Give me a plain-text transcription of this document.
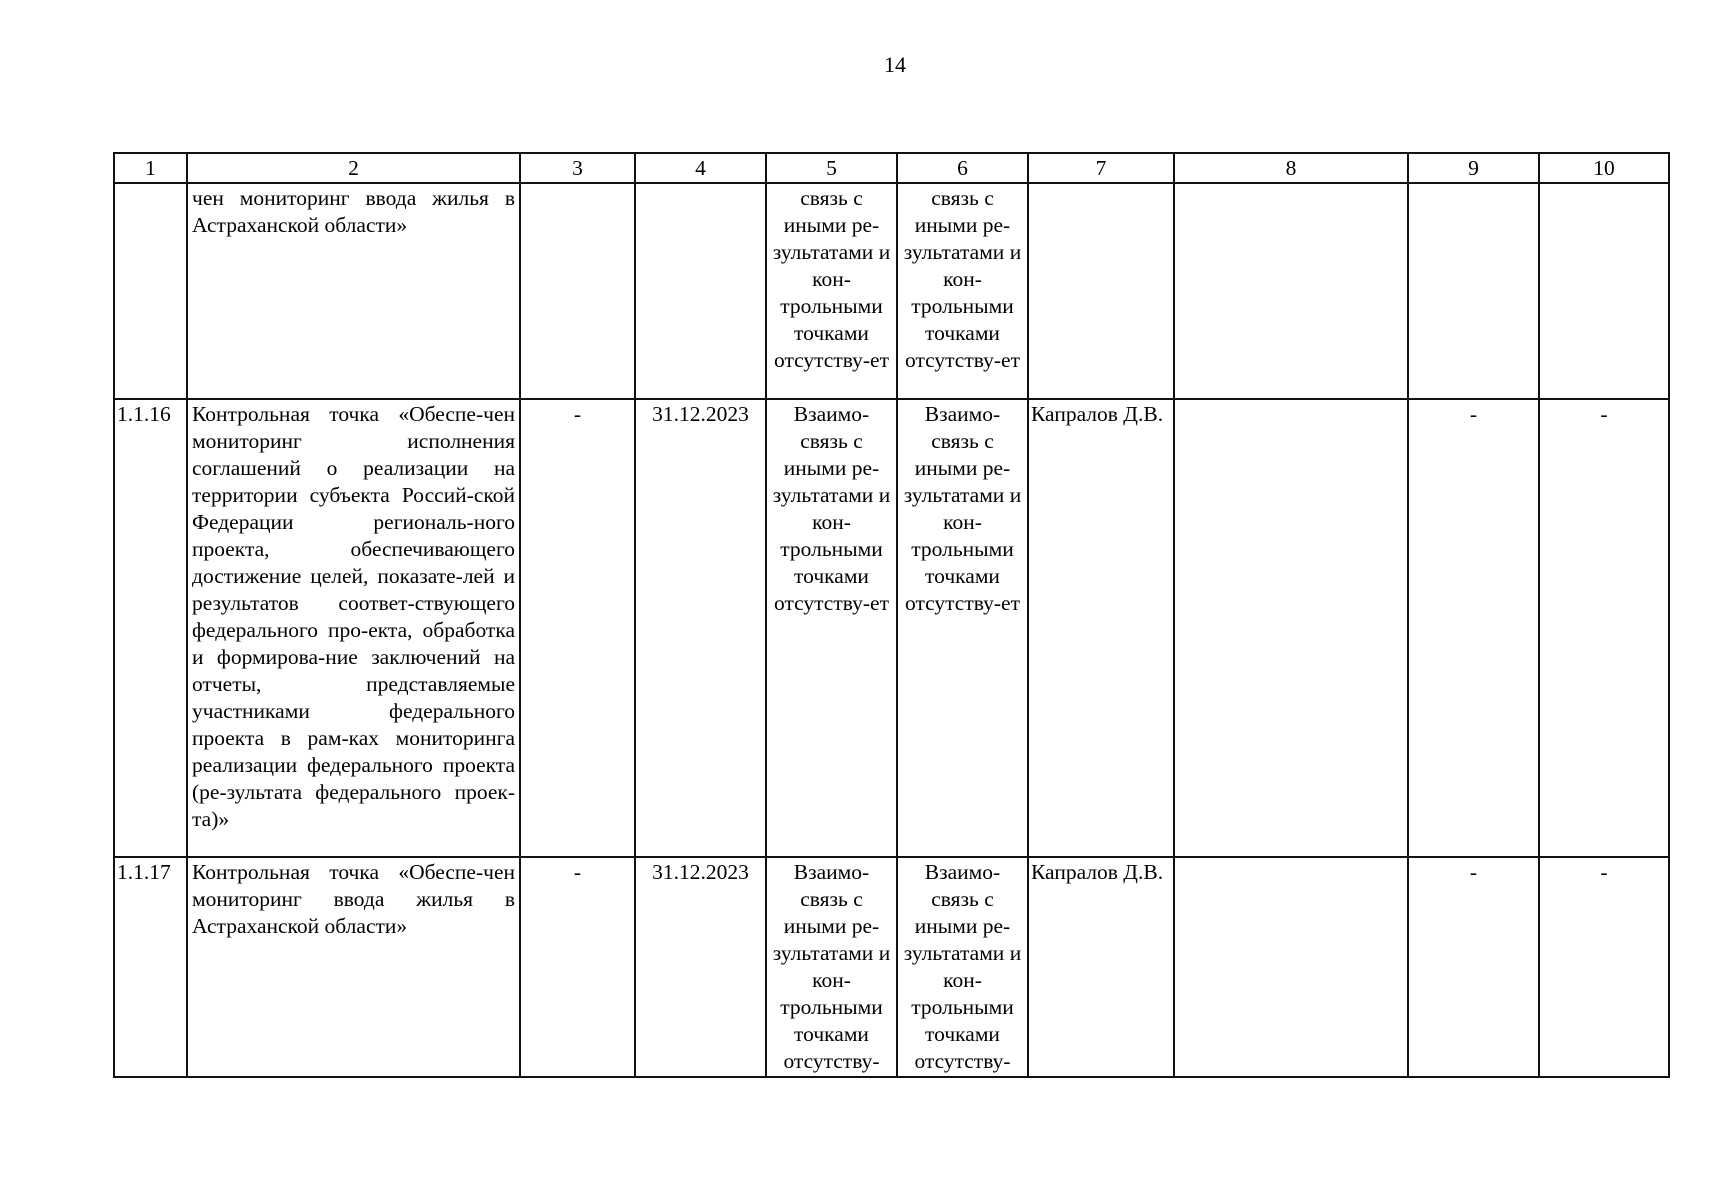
14
1	2	3	4	5	6	7	8	9	10
	чен мониторинг ввода жилья в Астраханской области»			связь с иными ре-зультатами и кон-трольными точками отсутству-ет	связь с иными ре-зультатами и кон-трольными точками отсутству-ет				
1.1.16	Контрольная точка «Обеспе-чен мониторинг исполнения соглашений о реализации на территории субъекта Россий-ской Федерации региональ-ного проекта, обеспечивающего достижение целей, показате-лей и результатов соответ-ствующего федерального про-екта, обработка и формирова-ние заключений на отчеты, представляемые участниками федерального проекта в рам-ках мониторинга реализации федерального проекта (ре-зультата федерального проек-та)»	-	31.12.2023	Взаимо-связь с иными ре-зультатами и кон-трольными точками отсутству-ет	Взаимо-связь с иными ре-зультатами и кон-трольными точками отсутству-ет	Капралов Д.В.		-	-
1.1.17	Контрольная точка «Обеспе-чен мониторинг ввода жилья в Астраханской области»	-	31.12.2023	Взаимо-связь с иными ре-зультатами и кон-трольными точками отсутству-	Взаимо-связь с иными ре-зультатами и кон-трольными точками отсутству-	Капралов Д.В.		-	-
